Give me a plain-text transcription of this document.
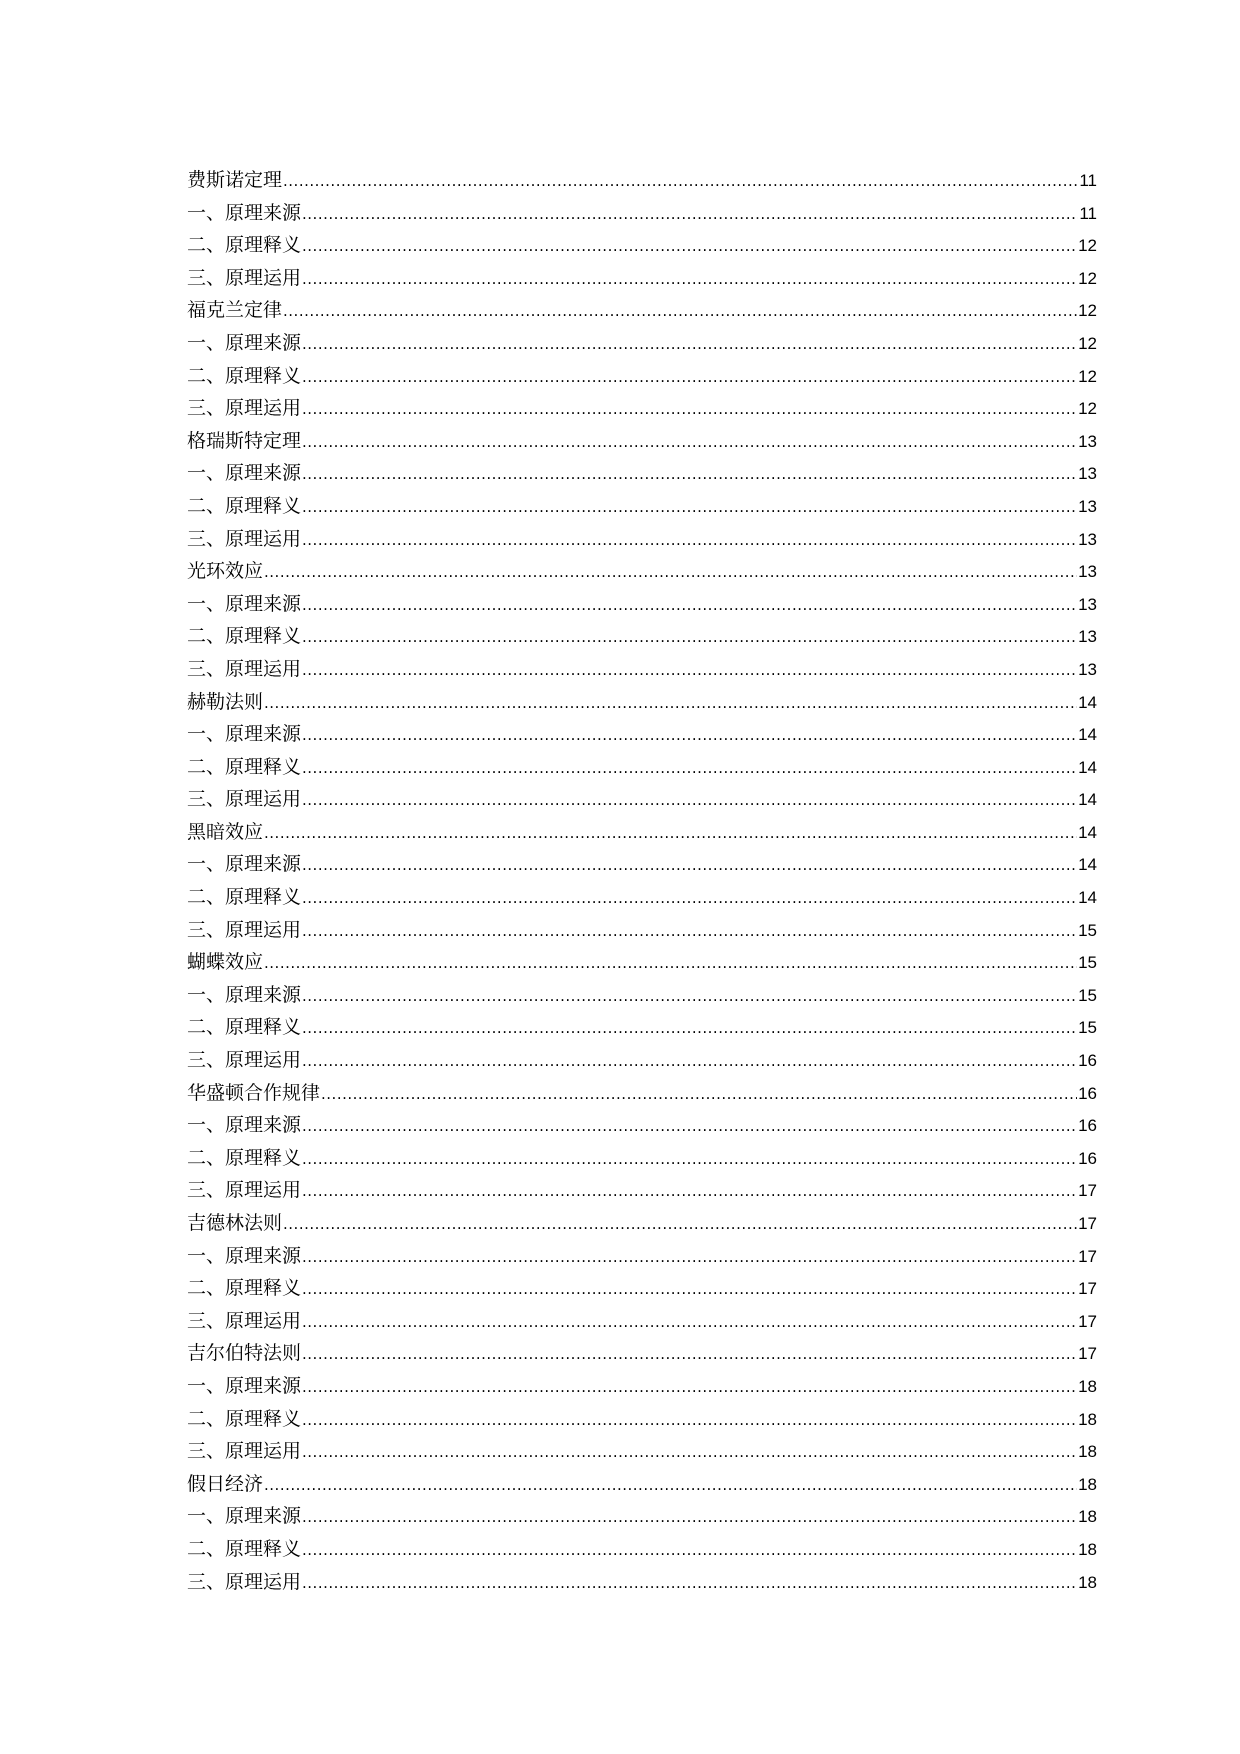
费斯诺定理 .....	11
一、原理来源 .....	11
二、原理释义 .....	12
三、原理运用 .....	12
福克兰定律 .....	12
一、原理来源 .....	12
二、原理释义 .....	12
三、原理运用 .....	12
格瑞斯特定理 .....	13
一、原理来源 .....	13
二、原理释义 .....	13
三、原理运用 .....	13
光环效应 .....	13
一、原理来源 .....	13
二、原理释义 .....	13
三、原理运用 .....	13
赫勒法则 .....	14
一、原理来源 .....	14
二、原理释义 .....	14
三、原理运用 .....	14
黑暗效应 .....	14
一、原理来源 .....	14
二、原理释义 .....	14
三、原理运用 .....	15
蝴蝶效应 .....	15
一、原理来源 .....	15
二、原理释义 .....	15
三、原理运用 .....	16
华盛顿合作规律 .....	16
一、原理来源 .....	16
二、原理释义 .....	16
三、原理运用 .....	17
吉德林法则 .....	17
一、原理来源 .....	17
二、原理释义 .....	17
三、原理运用 .....	17
吉尔伯特法则 .....	17
一、原理来源 .....	18
二、原理释义 .....	18
三、原理运用 .....	18
假日经济 .....	18
一、原理来源 .....	18
二、原理释义 .....	18
三、原理运用 .....	18
